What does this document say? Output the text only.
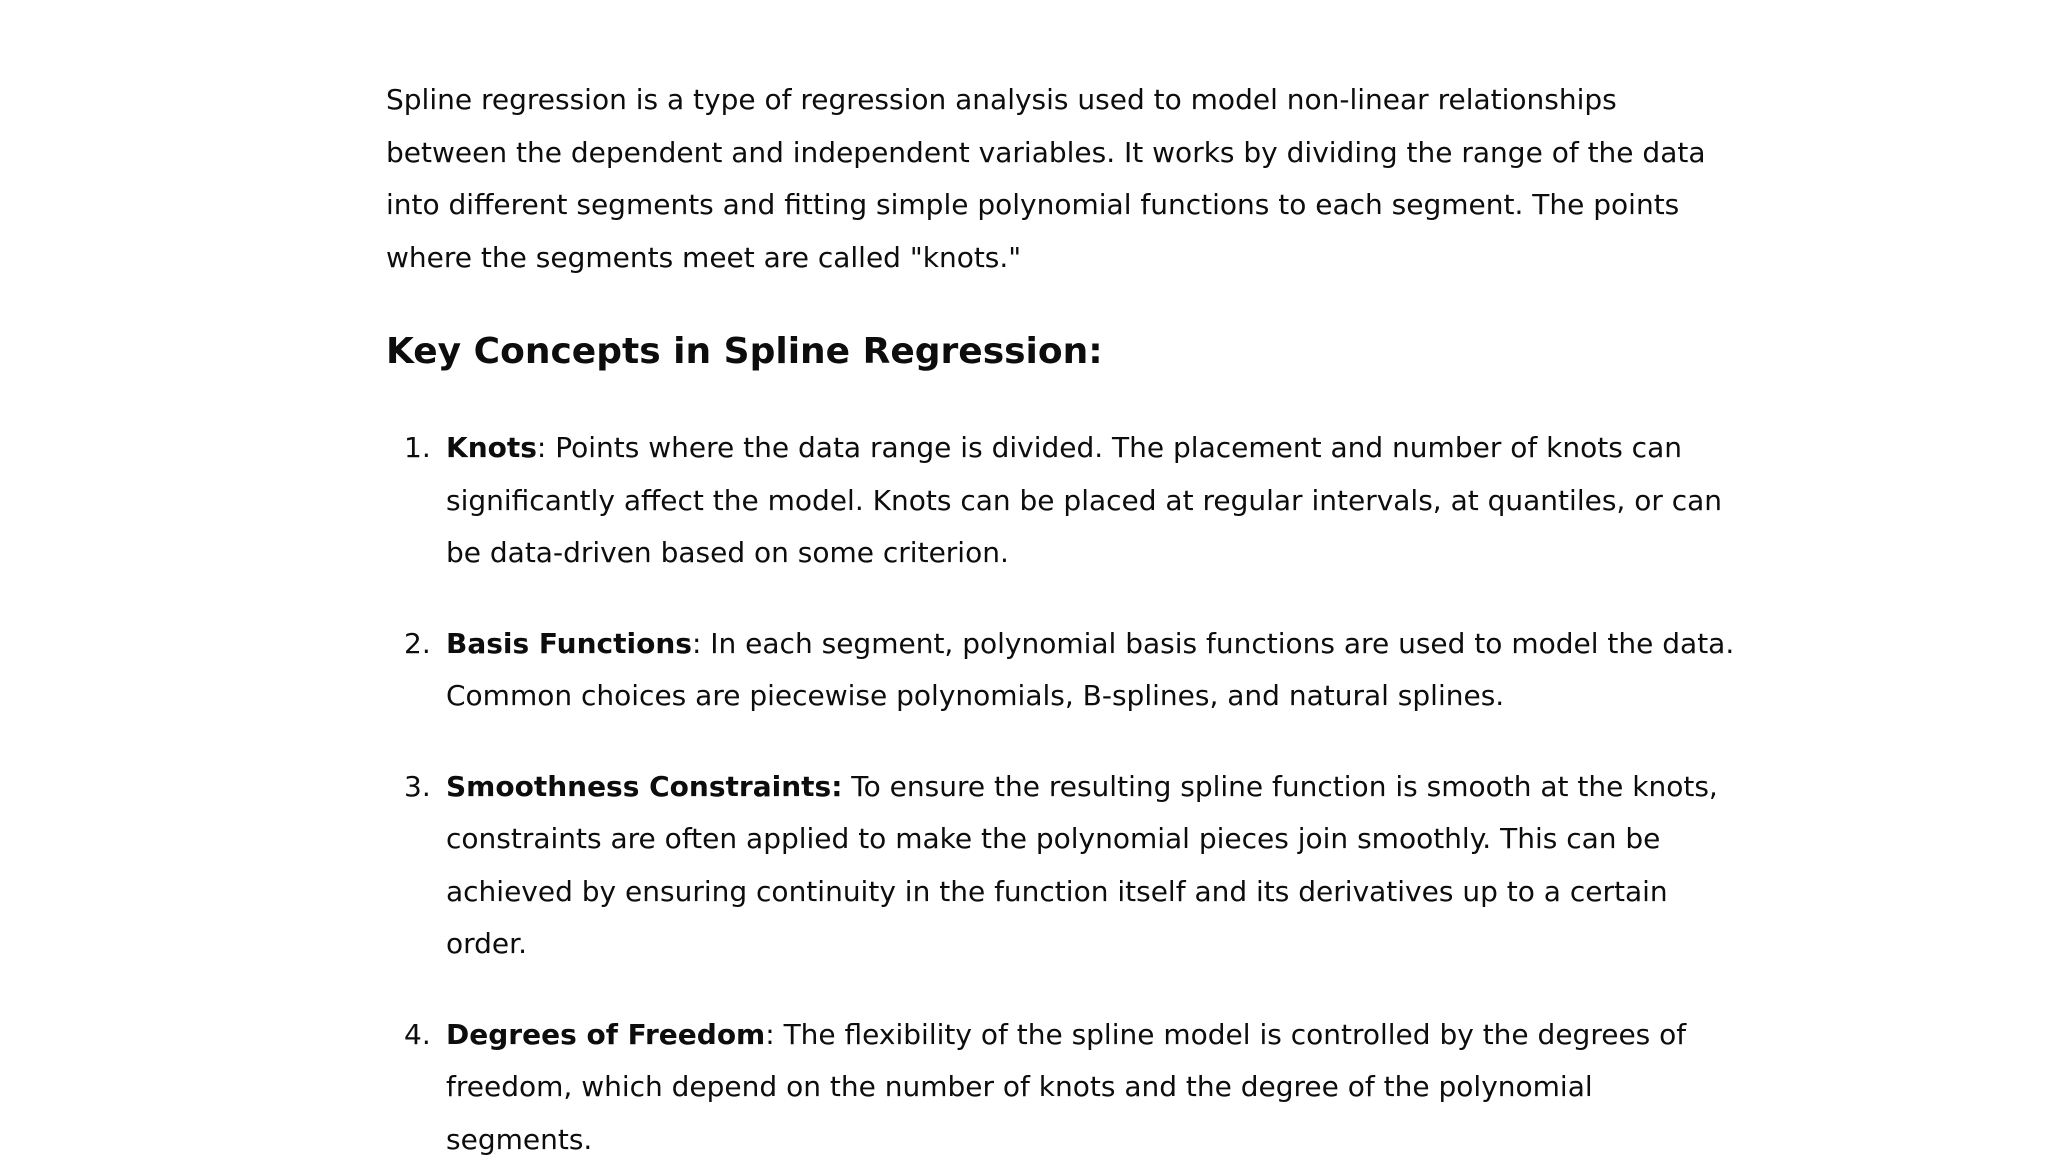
Spline regression is a type of regression analysis used to model non-linear relationships between the dependent and independent variables. It works by dividing the range of the data into different segments and fitting simple polynomial functions to each segment. The points where the segments meet are called "knots."

Key Concepts in Spline Regression:
1. Knots: Points where the data range is divided. The placement and number of knots can significantly affect the model. Knots can be placed at regular intervals, at quantiles, or can be data-driven based on some criterion.
2. Basis Functions: In each segment, polynomial basis functions are used to model the data. Common choices are piecewise polynomials, B-splines, and natural splines.
3. Smoothness Constraints: To ensure the resulting spline function is smooth at the knots, constraints are often applied to make the polynomial pieces join smoothly. This can be achieved by ensuring continuity in the function itself and its derivatives up to a certain order.
4. Degrees of Freedom: The flexibility of the spline model is controlled by the degrees of freedom, which depend on the number of knots and the degree of the polynomial segments.
